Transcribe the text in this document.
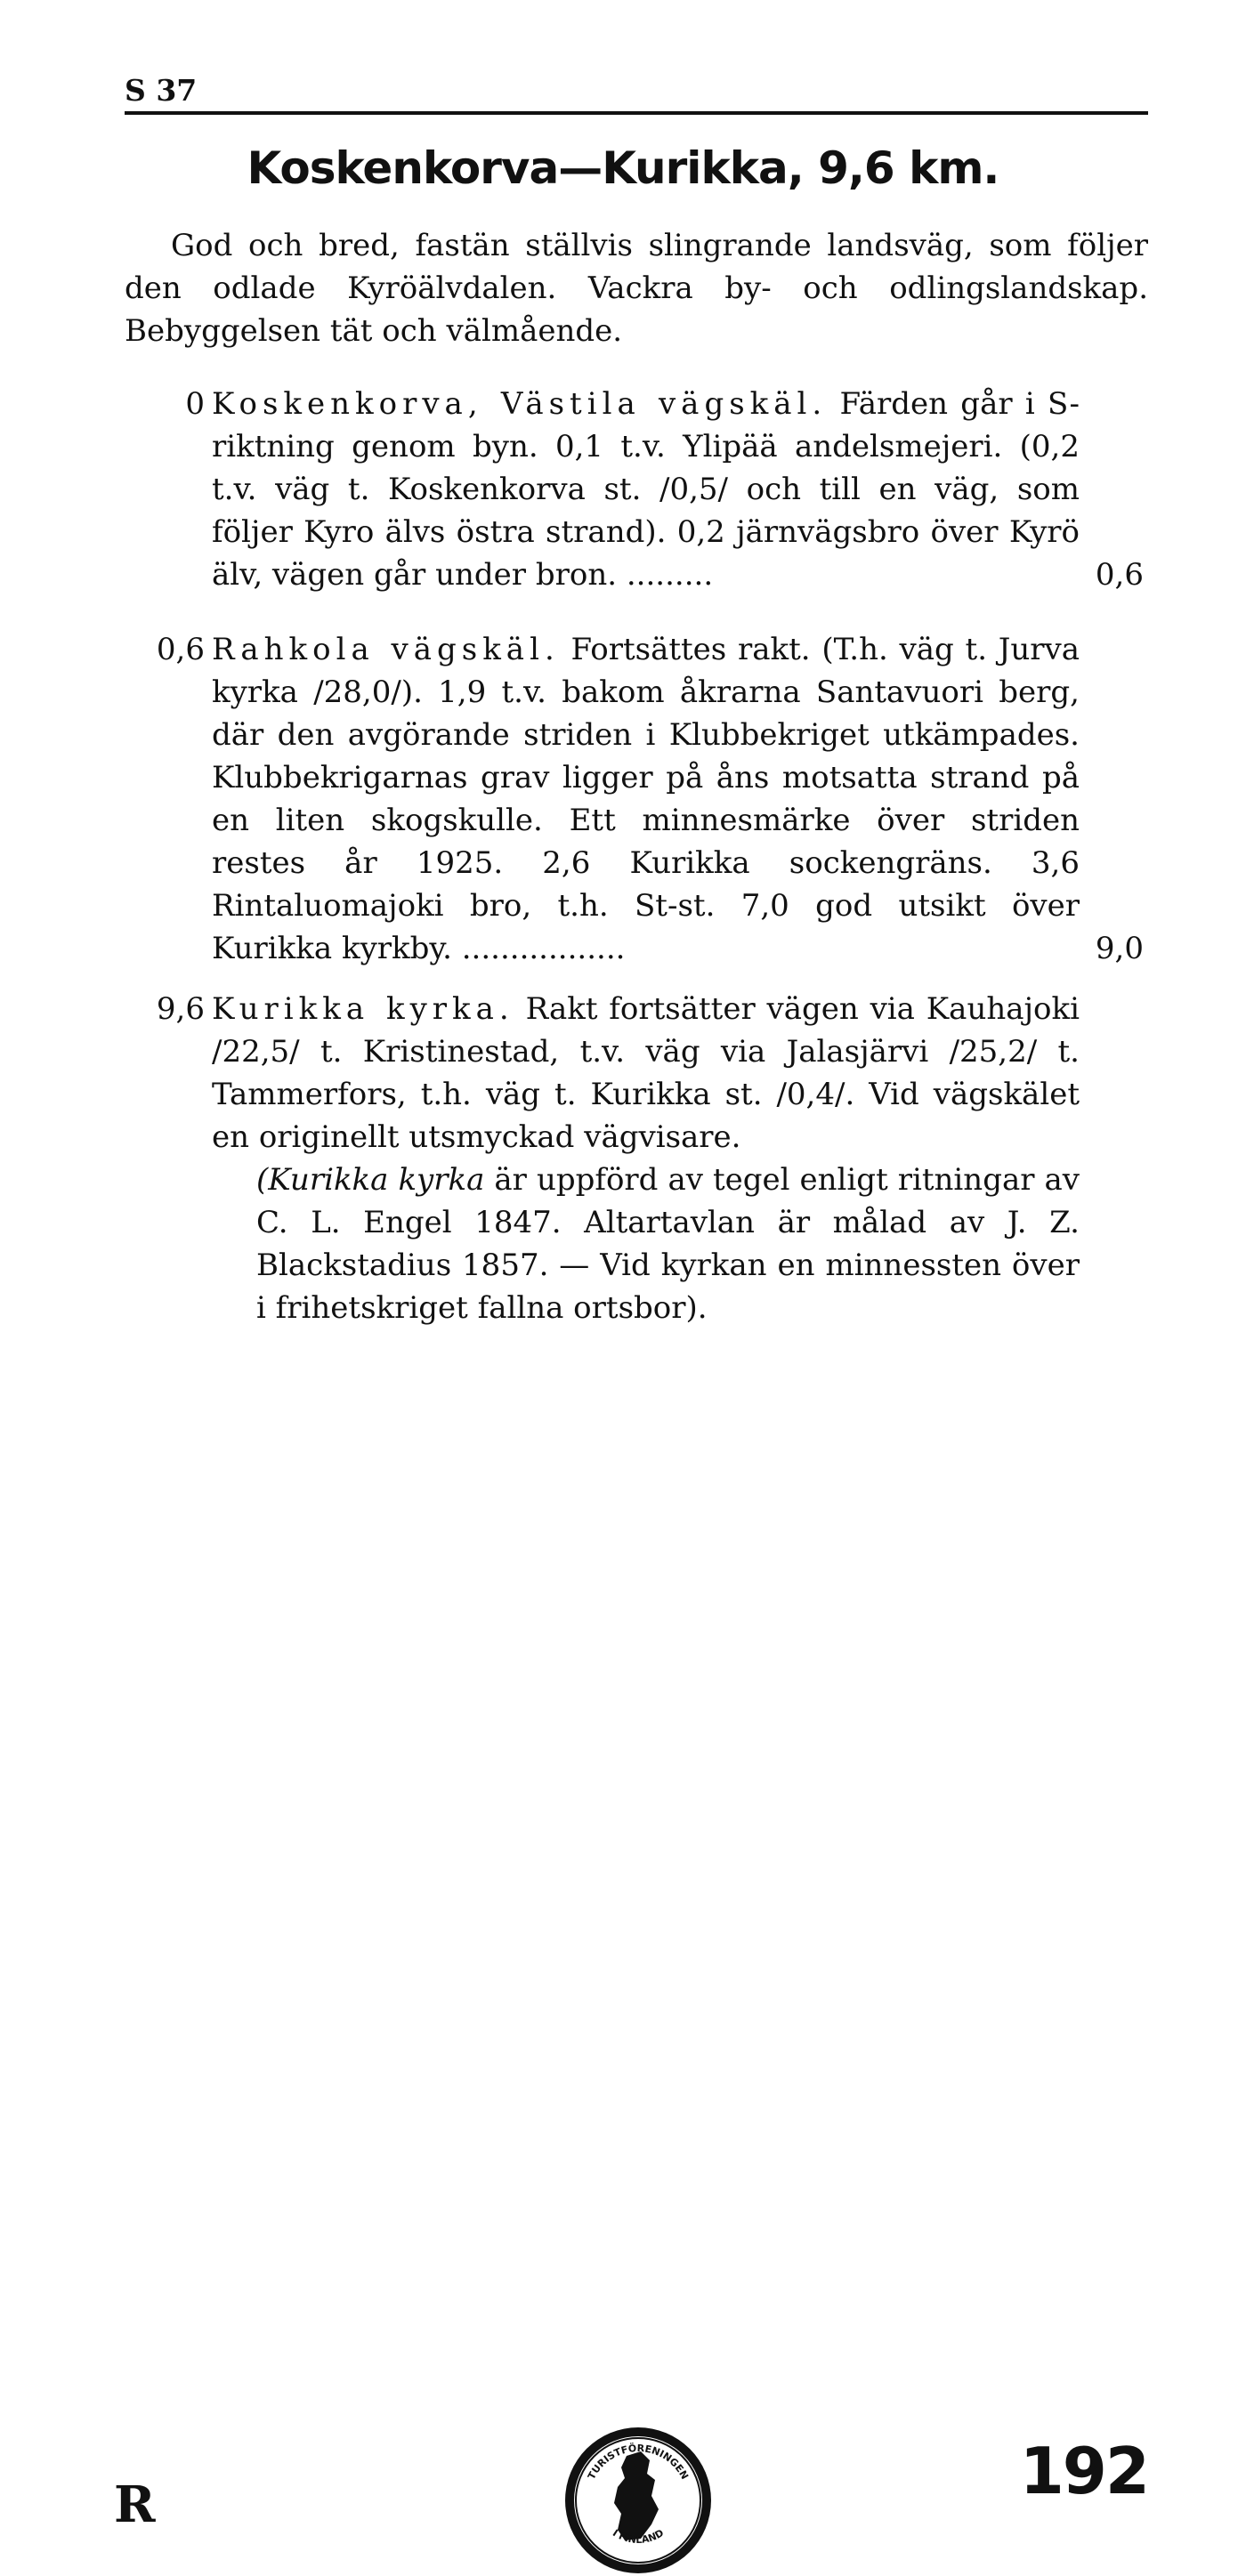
S 37
Koskenkorva—Kurikka, 9,6 km.

God och bred, fastän ställvis slingrande landsväg, som följer den odlade Kyröälvdalen. Vackra by- och odlingslandskap. Bebyggelsen tät och välmående.

0 Koskenkorva, Västila vägskäl. Färden går i S-riktning genom byn. 0,1 t.v. Ylipää andelsmejeri. (0,2 t.v. väg t. Koskenkorva st. /0,5/ och till en väg, som följer Kyro älvs östra strand). 0,2 järnvägsbro över Kyrö älv, vägen går under bron. .........	0,6
0,6 Rahkola vägskäl. Fortsättes rakt. (T.h. väg t. Jurva kyrka /28,0/). 1,9 t.v. bakom åkrarna Santavuori berg, där den avgörande striden i Klubbekriget utkämpades. Klubbekrigarnas grav ligger på åns motsatta strand på en liten skogskulle. Ett minnesmärke över striden restes år 1925. 2,6 Kurikka sockengräns. 3,6 Rintaluomajoki bro, t.h. St-st. 7,0 god utsikt över Kurikka kyrkby. .................	9,0
9,6 Kurikka kyrka. Rakt fortsätter vägen via Kauhajoki /22,5/ t. Kristinestad, t.v. väg via Jalasjärvi /25,2/ t. Tammerfors, t.h. väg t. Kurikka st. /0,4/. Vid vägskälet en originellt utsmyckad vägvisare.
(Kurikka kyrka är uppförd av tegel enligt ritningar av C. L. Engel 1847. Altartavlan är målad av J. Z. Blackstadius 1857. — Vid kyrkan en minnessten över i frihetskriget fallna ortsbor).
R	TURISTFÖRENINGEN
I FINLAND
192
